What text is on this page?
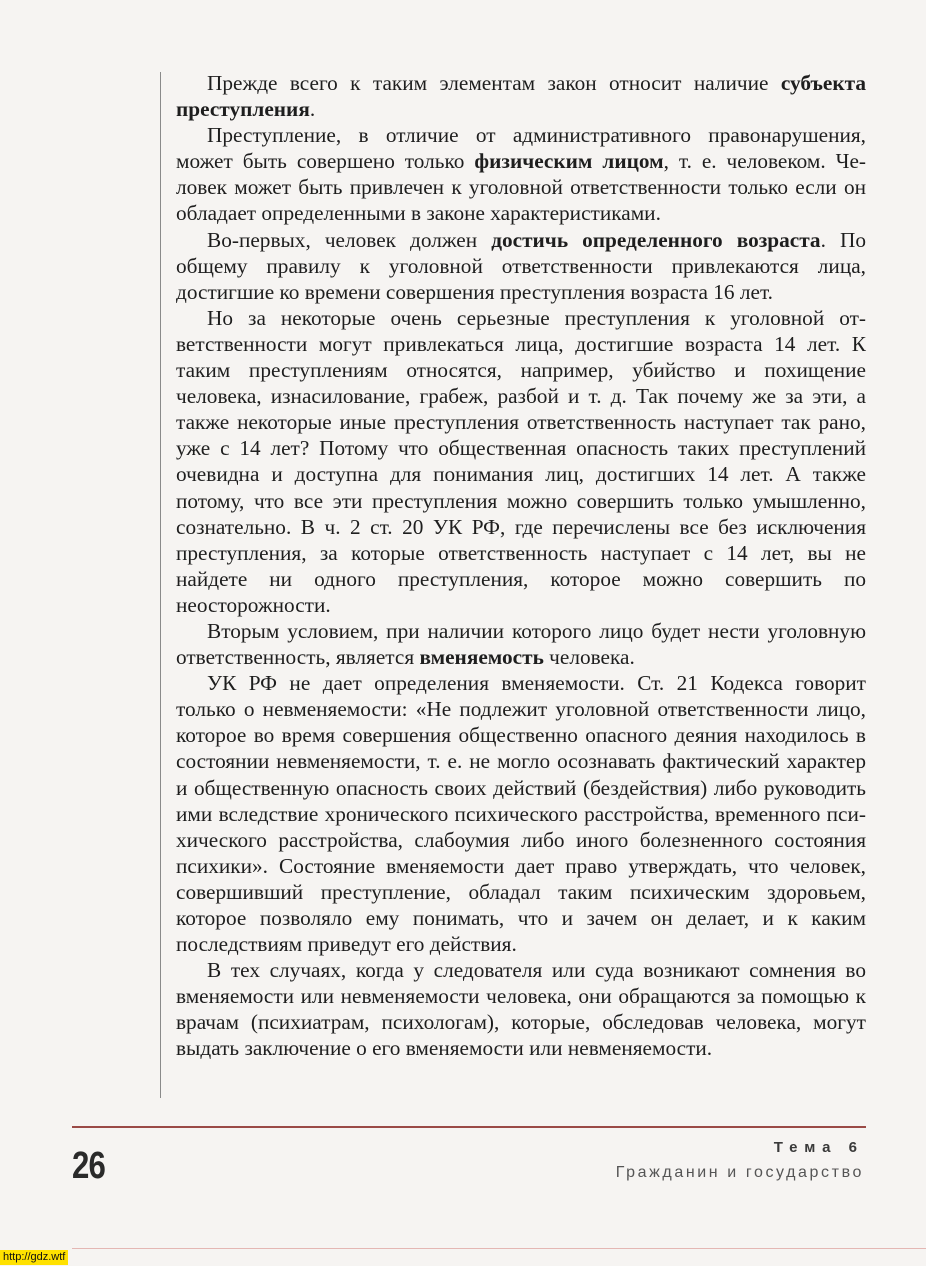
Прежде всего к таким элементам закон относит наличие субъекта преступления.

Преступление, в отличие от административного правонарушения, может быть совершено только физическим лицом, т. е. человеком. Человек может быть привлечен к уголовной ответственности только если он обладает определенными в законе характеристиками.

Во-первых, человек должен достичь определенного возраста. По общему правилу к уголовной ответственности привлекаются лица, достигшие ко времени совершения преступления возраста 16 лет.

Но за некоторые очень серьезные преступления к уголовной ответственности могут привлекаться лица, достигшие возраста 14 лет. К таким преступлениям относятся, например, убийство и похищение человека, изнасилование, грабеж, разбой и т. д. Так почему же за эти, а также некоторые иные преступления ответственность наступает так рано, уже с 14 лет? Потому что общественная опасность таких преступлений очевидна и доступна для понимания лиц, достигших 14 лет. А также потому, что все эти преступления можно совершить только умышленно, сознательно. В ч. 2 ст. 20 УК РФ, где перечислены все без исключения преступления, за которые ответственность наступает с 14 лет, вы не найдете ни одного преступления, которое можно совершить по неосторожности.

Вторым условием, при наличии которого лицо будет нести уголовную ответственность, является вменяемость человека.

УК РФ не дает определения вменяемости. Ст. 21 Кодекса говорит только о невменяемости: «Не подлежит уголовной ответственности лицо, которое во время совершения общественно опасного деяния находилось в состоянии невменяемости, т. е. не могло осознавать фактический характер и общественную опасность своих действий (бездействия) либо руководить ими вследствие хронического психического расстройства, временного психического расстройства, слабоумия либо иного болезненного состояния психики». Состояние вменяемости дает право утверждать, что человек, совершивший преступление, обладал таким психическим здоровьем, которое позволяло ему понимать, что и зачем он делает, и к каким последствиям приведут его действия.

В тех случаях, когда у следователя или суда возникают сомнения во вменяемости или невменяемости человека, они обращаются за помощью к врачам (психиатрам, психологам), которые, обследовав человека, могут выдать заключение о его вменяемости или невменяемости.

26	Тема 6
Гражданин и государство
http://gdz.wtf
